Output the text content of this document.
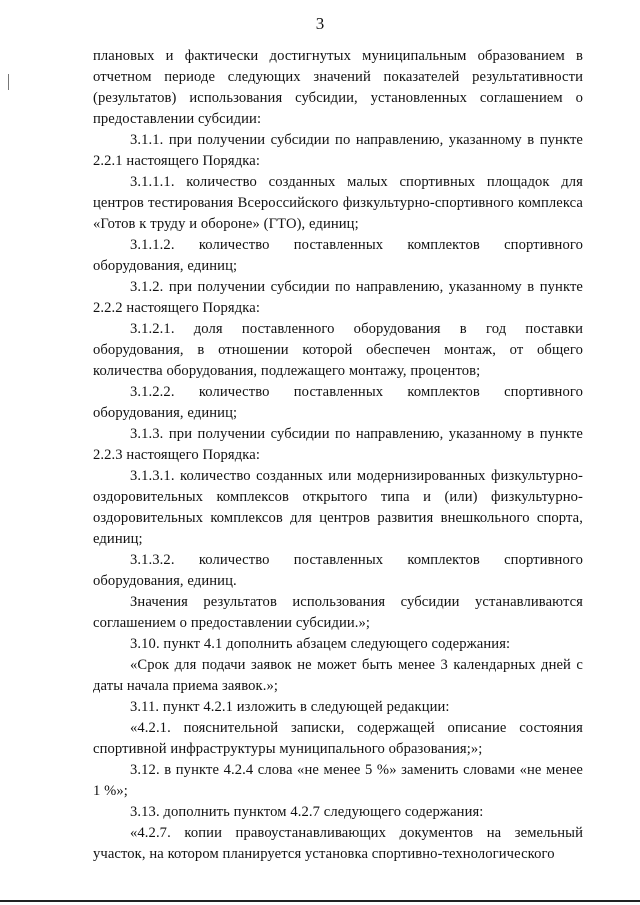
3

плановых и фактически достигнутых муниципальным образованием в отчетном периоде следующих значений показателей результативности (результатов) использования субсидии, установленных соглашением о предоставлении субсидии:

3.1.1. при получении субсидии по направлению, указанному в пункте 2.2.1 настоящего Порядка:

3.1.1.1. количество созданных малых спортивных площадок для центров тестирования Всероссийского физкультурно-спортивного комплекса «Готов к труду и обороне» (ГТО), единиц;

3.1.1.2. количество поставленных комплектов спортивного оборудования, единиц;

3.1.2. при получении субсидии по направлению, указанному в пункте 2.2.2 настоящего Порядка:

3.1.2.1. доля поставленного оборудования в год поставки оборудования, в отношении которой обеспечен монтаж, от общего количества оборудования, подлежащего монтажу, процентов;

3.1.2.2. количество поставленных комплектов спортивного оборудования, единиц;

3.1.3. при получении субсидии по направлению, указанному в пункте 2.2.3 настоящего Порядка:

3.1.3.1. количество созданных или модернизированных физкультурно-оздоровительных комплексов открытого типа и (или) физкультурно-оздоровительных комплексов для центров развития внешкольного спорта, единиц;

3.1.3.2. количество поставленных комплектов спортивного оборудования, единиц.

Значения результатов использования субсидии устанавливаются соглашением о предоставлении субсидии.»;

3.10. пункт 4.1 дополнить абзацем следующего содержания:

«Срок для подачи заявок не может быть менее 3 календарных дней с даты начала приема заявок.»;

3.11. пункт 4.2.1 изложить в следующей редакции:

«4.2.1. пояснительной записки, содержащей описание состояния спортивной инфраструктуры муниципального образования;»;

3.12. в пункте 4.2.4 слова «не менее 5 %» заменить словами «не менее 1 %»;

3.13. дополнить пунктом 4.2.7 следующего содержания:

«4.2.7. копии правоустанавливающих документов на земельный участок, на котором планируется установка спортивно-технологического
